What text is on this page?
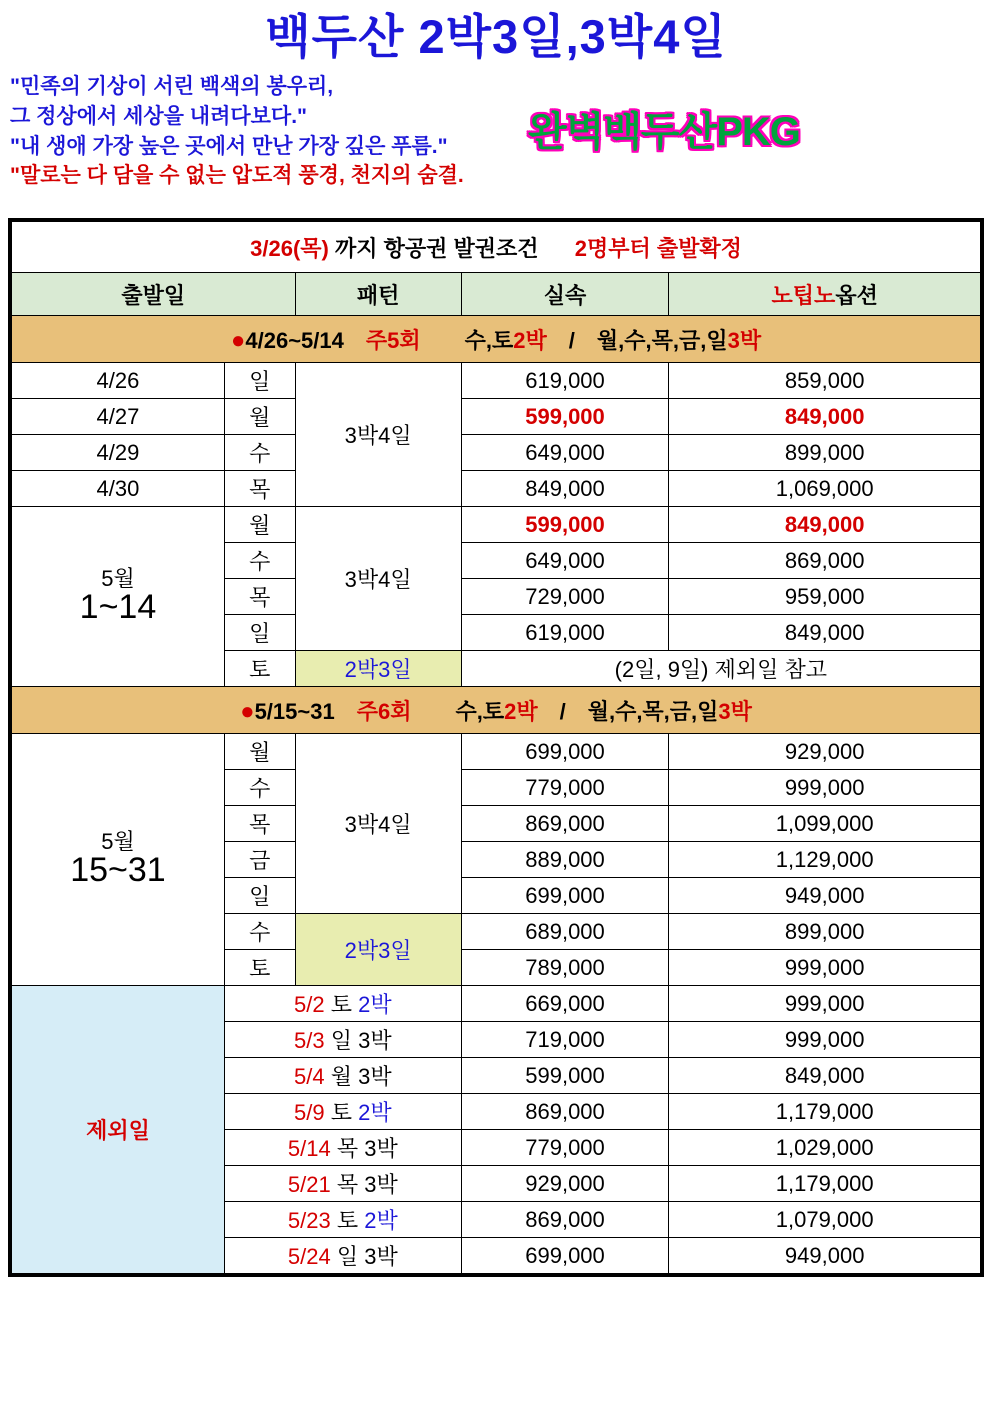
백두산 2박3일,3박4일
"민족의 기상이 서린 백색의 봉우리,
그 정상에서 세상을 내려다보다."
"내 생애 가장 높은 곳에서 만난 가장 깊은 푸름."
"말로는 다 담을 수 없는 압도적 풍경, 천지의 숨결.
완벽백두산PKG
3/26(목) 까지 항공권 발권조건 2명부터 출발확정				
출발일		패턴	실속	노팁노옵션
●4/26~5/14 주5회 수,토2박 / 월,수,목,금,일3박				
4/26	일	3박4일	619,000	859,000
4/27	월		599,000	849,000
4/29	수		649,000	899,000
4/30	목		849,000	1,069,000
5월
1~14	월	3박4일	599,000	849,000
	수		649,000	869,000
	목		729,000	959,000
	일		619,000	849,000
	토	2박3일	(2일, 9일) 제외일 참고	
●5/15~31 주6회 수,토2박 / 월,수,목,금,일3박				
5월
15~31	월	3박4일	699,000	929,000
	수		779,000	999,000
	목		869,000	1,099,000
	금		889,000	1,129,000
	일		699,000	949,000
	수	2박3일	689,000	899,000
	토		789,000	999,000
제외일	5/2 토 2박		669,000	999,000
	5/3 일 3박		719,000	999,000
	5/4 월 3박		599,000	849,000
	5/9 토 2박		869,000	1,179,000
	5/14 목 3박		779,000	1,029,000
	5/21 목 3박		929,000	1,179,000
	5/23 토 2박		869,000	1,079,000
	5/24 일 3박		699,000	949,000
